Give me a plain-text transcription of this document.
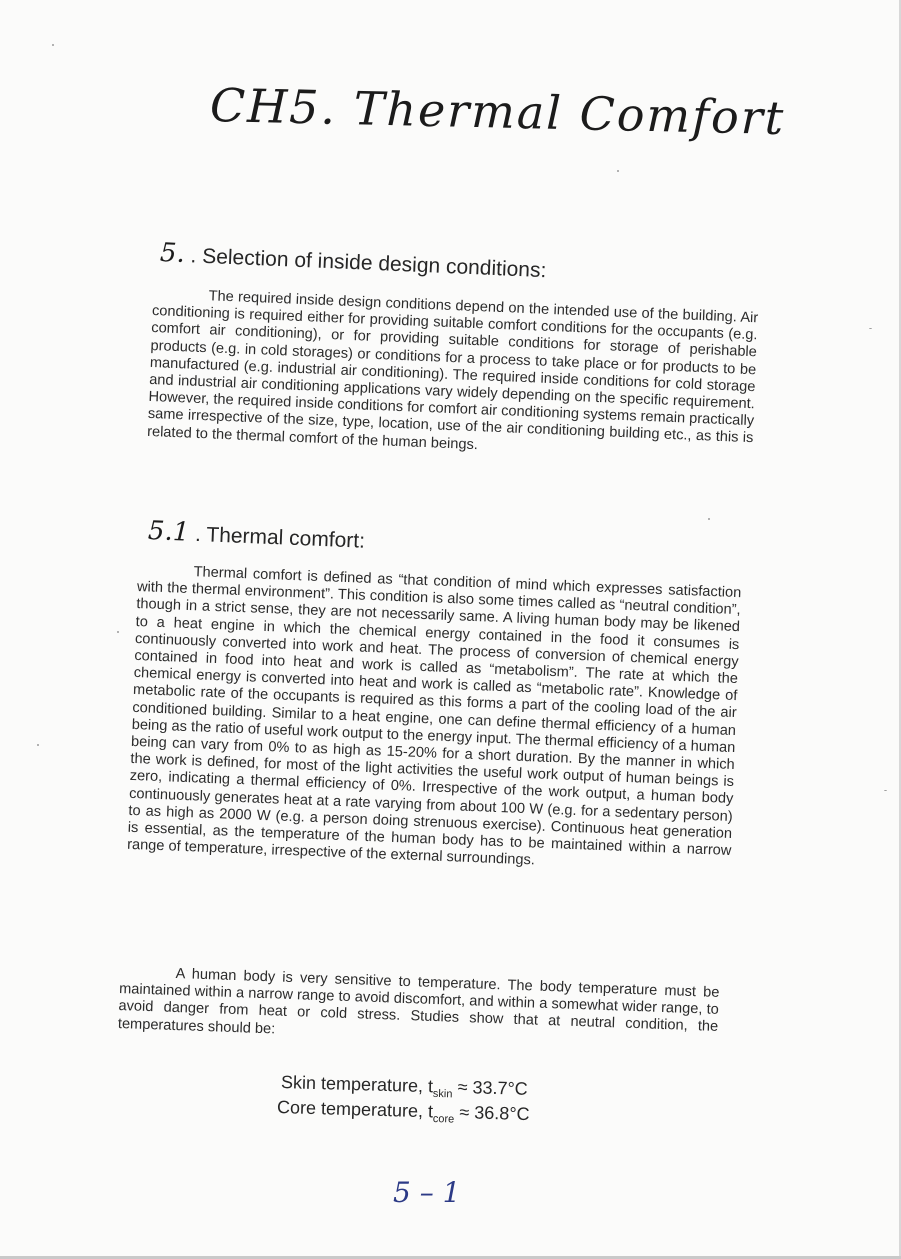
CH5. Thermal Comfort
5. . Selection of inside design conditions:

The required inside design conditions depend on the intended use of the building. Air conditioning is required either for providing suitable comfort conditions for the occupants (e.g. comfort air conditioning), or for providing suitable conditions for storage of perishable products (e.g. in cold storages) or conditions for a process to take place or for products to be manufactured (e.g. industrial air conditioning). The required inside conditions for cold storage and industrial air conditioning applications vary widely depending on the specific requirement. However, the required inside conditions for comfort air conditioning systems remain practically same irrespective of the size, type, location, use of the air conditioning building etc., as this is related to the thermal comfort of the human beings.

5.1 . Thermal comfort:

Thermal comfort is defined as “that condition of mind which expresses satisfaction with the thermal environment”. This condition is also some times called as “neutral condition”, though in a strict sense, they are not necessarily same. A living human body may be likened to a heat engine in which the chemical energy contained in the food it consumes is continuously converted into work and heat. The process of conversion of chemical energy contained in food into heat and work is called as “metabolism”. The rate at which the chemical energy is converted into heat and work is called as “metabolic rate”. Knowledge of metabolic rate of the occupants is required as this forms a part of the cooling load of the air conditioned building. Similar to a heat engine, one can define thermal efficiency of a human being as the ratio of useful work output to the energy input. The thermal efficiency of a human being can vary from 0% to as high as 15-20% for a short duration. By the manner in which the work is defined, for most of the light activities the useful work output of human beings is zero, indicating a thermal efficiency of 0%. Irrespective of the work output, a human body continuously generates heat at a rate varying from about 100 W (e.g. for a sedentary person) to as high as 2000 W (e.g. a person doing strenuous exercise). Continuous heat generation is essential, as the temperature of the human body has to be maintained within a narrow range of temperature, irrespective of the external surroundings.

A human body is very sensitive to temperature. The body temperature must be maintained within a narrow range to avoid discomfort, and within a somewhat wider range, to avoid danger from heat or cold stress. Studies show that at neutral condition, the temperatures should be:

Skin temperature, $t_{skin} \approx 33.7^\circ C$
Core temperature, $t_{core} \approx 36.8^\circ C$
5 – 1
